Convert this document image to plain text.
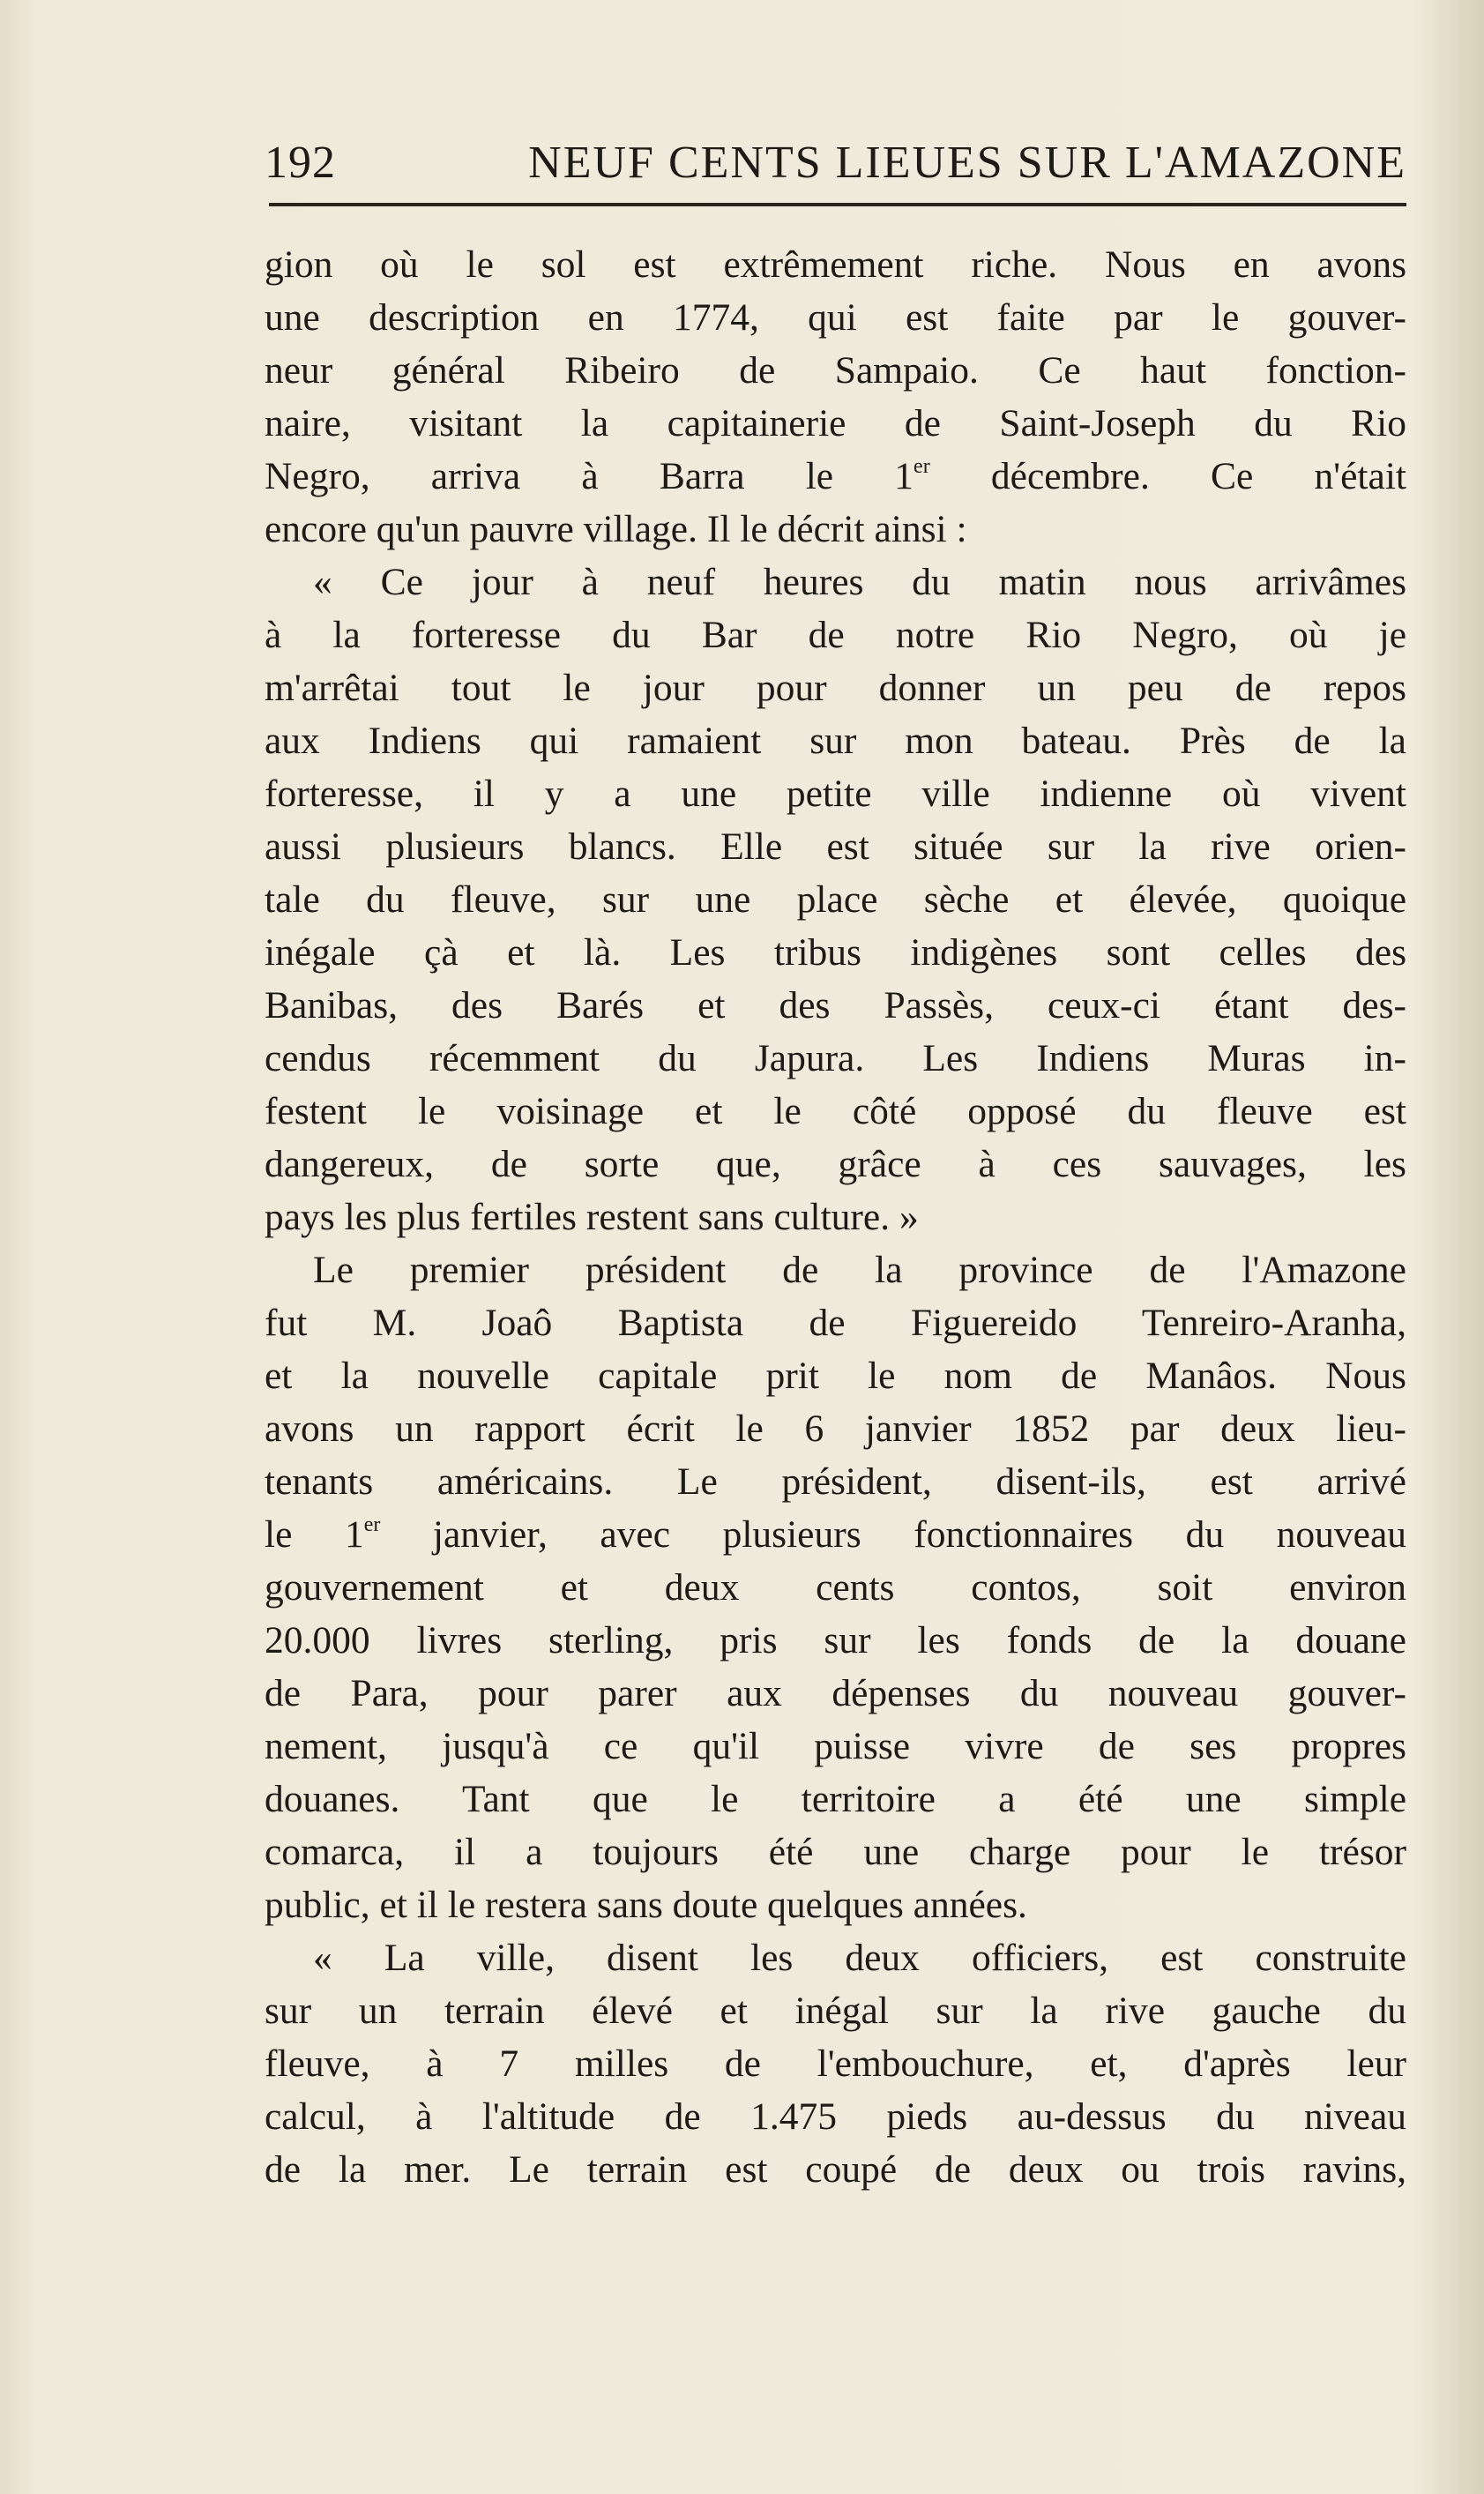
192	NEUF CENTS LIEUES SUR L'AMAZONE
gion où le sol est extrêmement riche. Nous en avons
une description en 1774, qui est faite par le gouver-
neur général Ribeiro de Sampaio. Ce haut fonction-
naire, visitant la capitainerie de Saint-Joseph du Rio
Negro, arriva à Barra le 1er décembre. Ce n'était
encore qu'un pauvre village. Il le décrit ainsi :
« Ce jour à neuf heures du matin nous arrivâmes
à la forteresse du Bar de notre Rio Negro, où je
m'arrêtai tout le jour pour donner un peu de repos
aux Indiens qui ramaient sur mon bateau. Près de la
forteresse, il y a une petite ville indienne où vivent
aussi plusieurs blancs. Elle est située sur la rive orien-
tale du fleuve, sur une place sèche et élevée, quoique
inégale çà et là. Les tribus indigènes sont celles des
Banibas, des Barés et des Passès, ceux-ci étant des-
cendus récemment du Japura. Les Indiens Muras in-
festent le voisinage et le côté opposé du fleuve est
dangereux, de sorte que, grâce à ces sauvages, les
pays les plus fertiles restent sans culture. »
Le premier président de la province de l'Amazone
fut M. Joaô Baptista de Figuereido Tenreiro-Aranha,
et la nouvelle capitale prit le nom de Manâos. Nous
avons un rapport écrit le 6 janvier 1852 par deux lieu-
tenants américains. Le président, disent-ils, est arrivé
le 1er janvier, avec plusieurs fonctionnaires du nouveau
gouvernement et deux cents contos, soit environ
20.000 livres sterling, pris sur les fonds de la douane
de Para, pour parer aux dépenses du nouveau gouver-
nement, jusqu'à ce qu'il puisse vivre de ses propres
douanes. Tant que le territoire a été une simple
comarca, il a toujours été une charge pour le trésor
public, et il le restera sans doute quelques années.
« La ville, disent les deux officiers, est construite
sur un terrain élevé et inégal sur la rive gauche du
fleuve, à 7 milles de l'embouchure, et, d'après leur
calcul, à l'altitude de 1.475 pieds au-dessus du niveau
de la mer. Le terrain est coupé de deux ou trois ravins,
